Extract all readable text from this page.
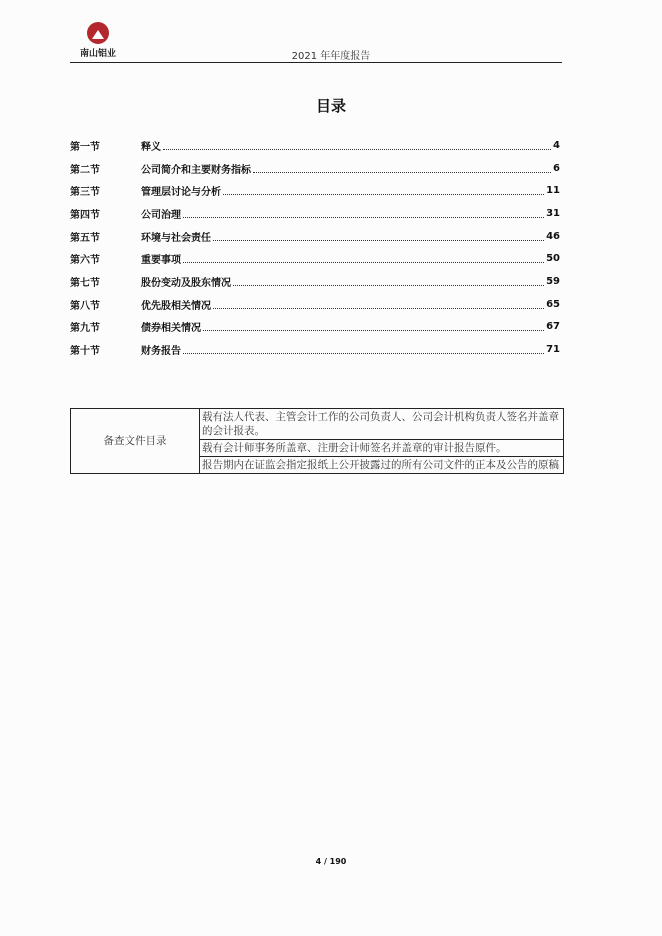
南山铝业	2021 年年度报告
目录
第一节	释义	4
第二节	公司简介和主要财务指标	6
第三节	管理层讨论与分析	11
第四节	公司治理	31
第五节	环境与社会责任	46
第六节	重要事项	50
第七节	股份变动及股东情况	59
第八节	优先股相关情况	65
第九节	债券相关情况	67
第十节	财务报告	71
备查文件目录	载有法人代表、主管会计工作的公司负责人、公司会计机构负责人签名并盖章的会计报表。
载有会计师事务所盖章、注册会计师签名并盖章的审计报告原件。
报告期内在证监会指定报纸上公开披露过的所有公司文件的正本及公告的原稿
4 / 190
